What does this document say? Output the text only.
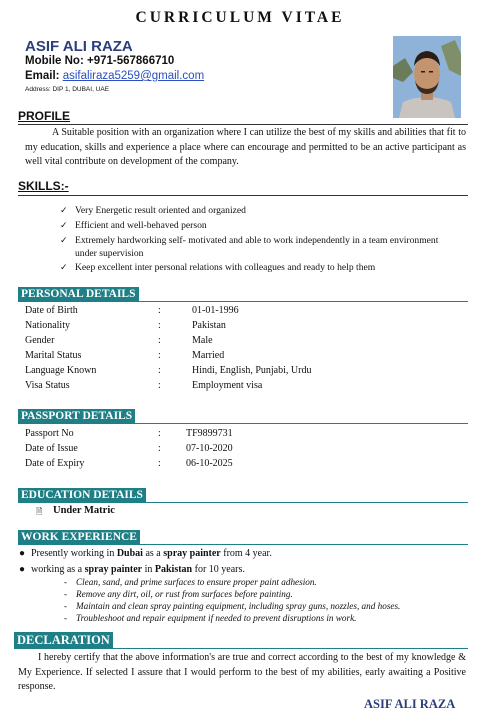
CURRICULUM VITAE
ASIF ALI RAZA
Mobile No: +971-567866710
Email: asifaliraza5259@gmail.com
Address: DIP 1, DUBAI, UAE
PROFILE
A Suitable position with an organization where I can utilize the best of my skills and abilities that fit to my education, skills and experience a place where can encourage and permitted to be an active participant as well vital contribute on development of the company.
SKILLS:-
✓ Very Energetic result oriented and organized
✓ Efficient and well-behaved person
✓ Extremely hardworking self- motivated and able to work independently in a team environment under supervision
✓ Keep excellent inter personal relations with colleagues and ready to help them
PERSONAL DETAILS
Date of Birth	:	01-01-1996
Nationality	:	Pakistan
Gender	:	Male
Marital Status	:	Married
Language Known	:	Hindi, English, Punjabi, Urdu
Visa Status	:	Employment visa
PASSPORT DETAILS
Passport No	:	TF9899731
Date of Issue	:	07-10-2020
Date of Expiry	:	06-10-2025
EDUCATION DETAILS
🗎 Under Matric
WORK EXPERIENCE
● Presently working in Dubai as a spray painter from 4 year.
● working as a spray painter in Pakistan for 10 years.
- Clean, sand, and prime surfaces to ensure proper paint adhesion.
- Remove any dirt, oil, or rust from surfaces before painting.
- Maintain and clean spray painting equipment, including spray guns, nozzles, and hoses.
- Troubleshoot and repair equipment if needed to prevent disruptions in work.
DECLARATION
I hereby certify that the above information's are true and correct according to the best of my knowledge & My Experience. If selected I assure that I would perform to the best of my abilities, early awaiting a Positive response.
ASIF ALI RAZA
